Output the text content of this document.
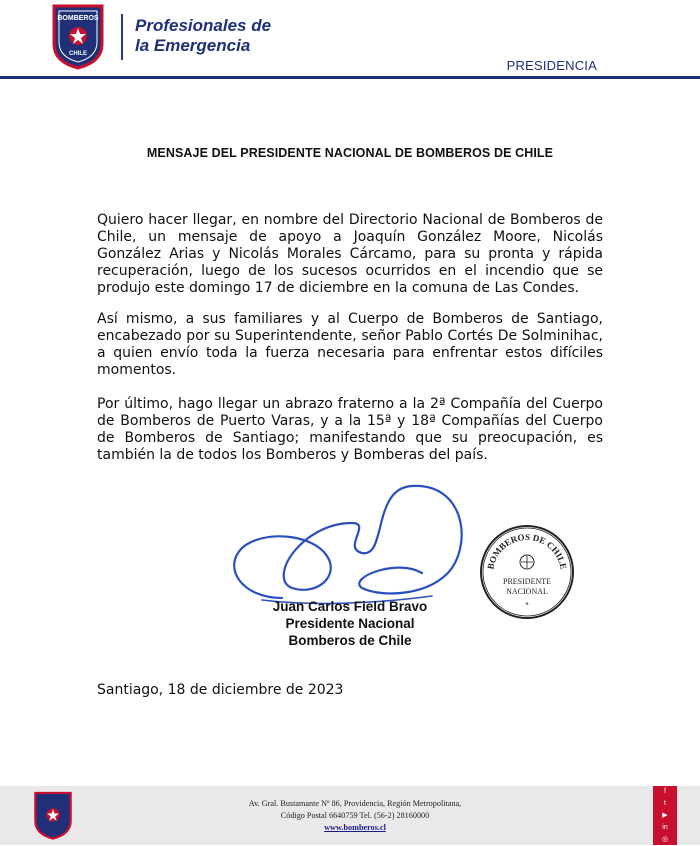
BOMBEROS
CHILE
Profesionales de
la Emergencia
PRESIDENCIA
MENSAJE DEL PRESIDENTE NACIONAL DE BOMBEROS DE CHILE
Quiero hacer llegar, en nombre del Directorio Nacional de Bomberos de Chile, un mensaje de apoyo a Joaquín González Moore, Nicolás González Arias y Nicolás Morales Cárcamo, para su pronta y rápida recuperación, luego de los sucesos ocurridos en el incendio que se produjo este domingo 17 de diciembre en la comuna de Las Condes.
Así mismo, a sus familiares y al Cuerpo de Bomberos de Santiago, encabezado por su Superintendente, señor Pablo Cortés De Solminihac, a quien envío toda la fuerza necesaria para enfrentar estos difíciles momentos.
Por último, hago llegar un abrazo fraterno a la 2ª Compañía del Cuerpo de Bomberos de Puerto Varas, y a la 15ª y 18ª Compañías del Cuerpo de Bomberos de Santiago; manifestando que su preocupación, es también la de todos los Bomberos y Bomberas del país.
BOMBEROS DE CHILE
PRESIDENTE
NACIONAL
*
Juan Carlos Field Bravo
Presidente Nacional
Bomberos de Chile
Santiago, 18 de diciembre de 2023
Av. Gral. Bustamante Nº 86, Providencia, Región Metropolitana,
Código Postal 6640759 Tel. (56-2) 28160000
www.bomberos.cl
f
t
▶
in
◎
